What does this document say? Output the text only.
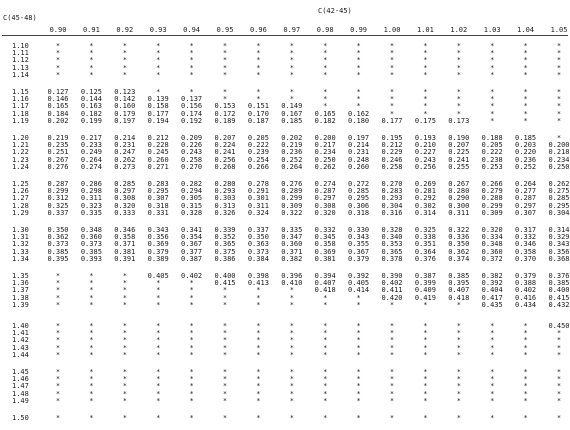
C(45-48)
C(42-45)
0.90 0.91 0.92 0.93 0.94 0.95 0.96 0.97 0.98 0.99 1.00 1.01 1.02 1.03 1.04 1.05
1.10	*	*	*	*	*	*	*	*	*	*	*	*	*	*	*	*
1.11	*	*	*	*	*	*	*	*	*	*	*	*	*	*	*	*
1.12	*	*	*	*	*	*	*	*	*	*	*	*	*	*	*	*
1.13	*	*	*	*	*	*	*	*	*	*	*	*	*	*	*	*
1.14	*	*	*	*	*	*	*	*	*	*	*	*	*	*	*	*
1.15	0.127 0.125 0.123	*	*	*	*	*	*	*	*	*	*	*	*	*
1.16	0.146 0.144 0.142 0.139 0.137	*	*	*	*	*	*	*	*	*	*	*
1.17	0.165 0.163 0.160 0.158 0.156 0.153 0.151 0.149	*	*	*	*	*	*	*	*
1.18	0.184 0.182 0.179 0.177 0.174 0.172 0.170 0.167 0.165 0.162	*	*	*	*	*	*
1.19	0.202 0.199 0.197 0.194 0.192 0.189 0.187 0.185 0.182 0.180 0.177 0.175 0.173	*	*	*
1.20	0.219 0.217 0.214 0.212 0.209 0.207 0.205 0.202 0.200 0.197 0.195 0.193 0.190 0.188 0.185	*
1.21	0.235 0.233 0.231 0.228 0.226 0.224 0.222 0.219 0.217 0.214 0.212 0.210 0.207 0.205 0.203 0.200
1.22	0.251 0.249 0.247 0.245 0.243 0.241 0.239 0.236 0.234 0.231 0.229 0.227 0.225 0.222 0.220 0.218
1.23	0.267 0.264 0.262 0.260 0.258 0.256 0.254 0.252 0.250 0.248 0.246 0.243 0.241 0.238 0.236 0.234
1.24	0.276 0.274 0.273 0.271 0.270 0.268 0.266 0.264 0.262 0.260 0.258 0.256 0.255 0.253 0.252 0.250
1.25	0.287 0.286 0.285 0.283 0.282 0.280 0.278 0.276 0.274 0.272 0.270 0.269 0.267 0.266 0.264 0.262
1.26	0.299 0.298 0.297 0.295 0.294 0.293 0.291 0.289 0.287 0.285 0.283 0.281 0.280 0.279 0.277 0.275
1.27	0.312 0.311 0.308 0.307 0.305 0.303 0.301 0.299 0.297 0.295 0.293 0.292 0.290 0.288 0.287 0.285
1.28	0.325 0.323 0.320 0.318 0.315 0.313 0.311 0.309 0.308 0.306 0.304 0.302 0.300 0.299 0.297 0.295
1.29	0.337 0.335 0.333 0.331 0.328 0.326 0.324 0.322 0.320 0.318 0.316 0.314 0.311 0.309 0.307 0.304
1.30	0.350 0.348 0.346 0.343 0.341 0.339 0.337 0.335 0.332 0.330 0.328 0.325 0.322 0.320 0.317 0.314
1.31	0.362 0.360 0.358 0.356 0.354 0.352 0.350 0.347 0.345 0.343 0.340 0.338 0.336 0.334 0.332 0.329
1.32	0.373 0.373 0.371 0.369 0.367 0.365 0.363 0.360 0.358 0.355 0.353 0.351 0.350 0.348 0.346 0.343
1.33	0.385 0.385 0.381 0.379 0.377 0.375 0.373 0.371 0.369 0.367 0.365 0.364 0.362 0.360 0.358 0.356
1.34	0.395 0.393 0.391 0.389 0.387 0.386 0.384 0.382 0.381 0.379 0.378 0.376 0.374 0.372 0.370 0.368
1.35	*	*	*	0.405 0.402 0.400 0.398 0.396 0.394 0.392 0.390 0.387 0.385 0.382 0.379 0.376
1.36	*	*	*	*	*	0.415 0.413 0.410 0.407 0.405 0.402 0.399 0.395 0.392 0.388 0.385
1.37	*	*	*	*	*	*	*	*	0.418 0.414 0.411 0.409 0.407 0.404 0.402 0.400
1.38	*	*	*	*	*	*	*	*	*	*	0.420 0.419 0.418 0.417 0.416 0.415
1.39	*	*	*	*	*	*	*	*	*	*	*	*	*	0.435 0.434 0.432
1.40	*	*	*	*	*	*	*	*	*	*	*	*	*	*	*	0.450
1.41	*	*	*	*	*	*	*	*	*	*	*	*	*	*	*	*
1.42	*	*	*	*	*	*	*	*	*	*	*	*	*	*	*	*
1.43	*	*	*	*	*	*	*	*	*	*	*	*	*	*	*	*
1.44	*	*	*	*	*	*	*	*	*	*	*	*	*	*	*	*
1.45	*	*	*	*	*	*	*	*	*	*	*	*	*	*	*	*
1.46	*	*	*	*	*	*	*	*	*	*	*	*	*	*	*	*
1.47	*	*	*	*	*	*	*	*	*	*	*	*	*	*	*	*
1.48	*	*	*	*	*	*	*	*	*	*	*	*	*	*	*	*
1.49	*	*	*	*	*	*	*	*	*	*	*	*	*	*	*	*
1.50	*	*	*	*	*	*	*	*	*	*	*	*	*	*	*	*
